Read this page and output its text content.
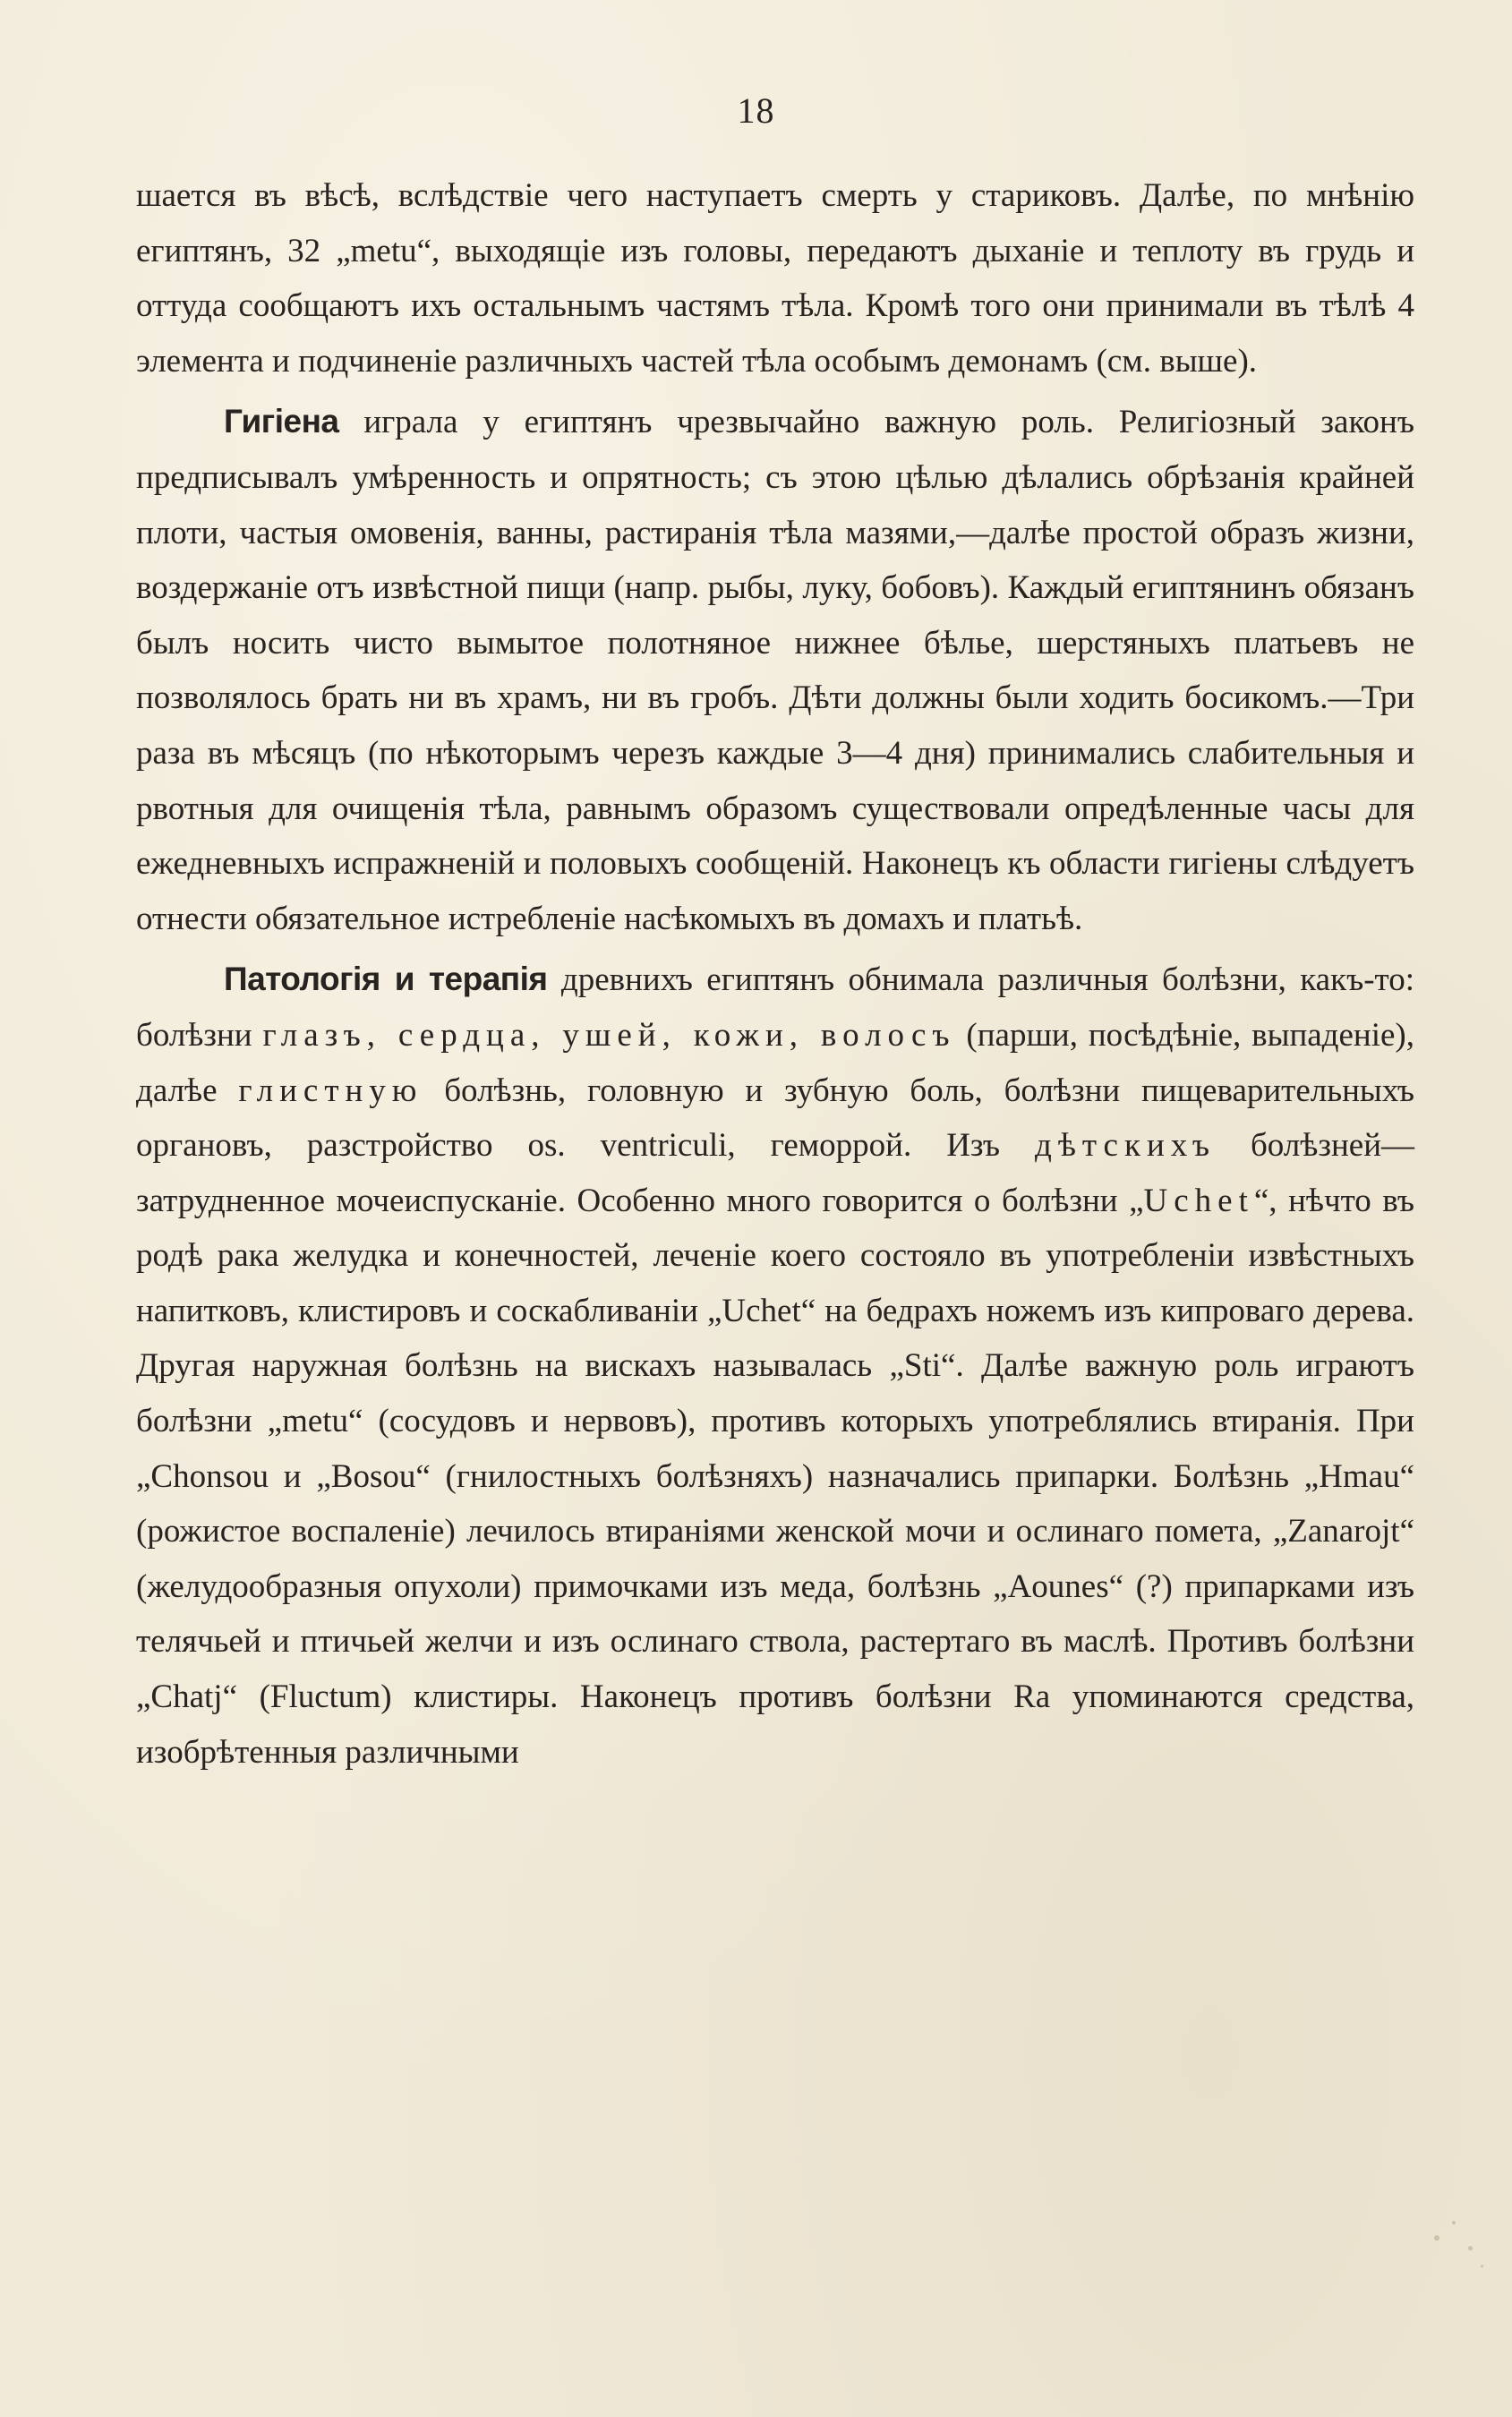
18

шается въ вѣсѣ, вслѣдствіе чего наступаетъ смерть у стариковъ. Далѣе, по мнѣнію египтянъ, 32 „metu“, выходящіе изъ головы, передаютъ дыханіе и теплоту въ грудь и оттуда сообщаютъ ихъ остальнымъ частямъ тѣла. Кромѣ того они принимали въ тѣлѣ 4 элемента и подчиненіе различныхъ частей тѣла особымъ демонамъ (см. выше).

Гигіена играла у египтянъ чрезвычайно важную роль. Религіозный законъ предписывалъ умѣренность и опрятность; съ этою цѣлью дѣлались обрѣзанія крайней плоти, частыя омовенія, ванны, растиранія тѣла мазями,—далѣе простой образъ жизни, воздержаніе отъ извѣстной пищи (напр. рыбы, луку, бобовъ). Каждый египтянинъ обязанъ былъ носить чисто вымытое полотняное нижнее бѣлье, шерстяныхъ платьевъ не позволялось брать ни въ храмъ, ни въ гробъ. Дѣти должны были ходить босикомъ.—Три раза въ мѣсяцъ (по нѣкоторымъ черезъ каждые 3—4 дня) принимались слабительныя и рвотныя для очищенія тѣла, равнымъ образомъ существовали опредѣленные часы для ежедневныхъ испражненій и половыхъ сообщеній. Наконецъ къ области гигіены слѣдуетъ отнести обязательное истребленіе насѣкомыхъ въ домахъ и платьѣ.

Патологія и терапія древнихъ египтянъ обнимала различныя болѣзни, какъ-то: болѣзни глазъ, сердца, ушей, кожи, волосъ (парши, посѣдѣніе, выпаденіе), далѣе глистную болѣзнь, головную и зубную боль, болѣзни пищеварительныхъ органовъ, разстройство os. ventriculi, геморрой. Изъ дѣтскихъ болѣзней—затрудненное мочеиспусканіе. Особенно много говорится о болѣзни „Uchet“, нѣчто въ родѣ рака желудка и конечностей, леченіе коего состояло въ употребленіи извѣстныхъ напитковъ, клистировъ и соскабливаніи „Uchet“ на бедрахъ ножемъ изъ кипроваго дерева. Другая наружная болѣзнь на вискахъ называлась „Sti“. Далѣе важную роль играютъ болѣзни „metu“ (сосудовъ и нервовъ), противъ которыхъ употреблялись втиранія. При „Chonsou и „Bosou“ (гнилостныхъ болѣзняхъ) назначались припарки. Болѣзнь „Hmau“ (рожистое воспаленіе) лечилось втираніями женской мочи и ослинаго помета, „Zanarojt“ (желудообразныя опухоли) примочками изъ меда, болѣзнь „Aounes“ (?) припарками изъ телячьей и птичьей желчи и изъ ослинаго ствола, растертаго въ маслѣ. Противъ болѣзни „Chatj“ (Fluctum) клистиры. Наконецъ противъ болѣзни Ra упоминаются средства, изобрѣтенныя различными
